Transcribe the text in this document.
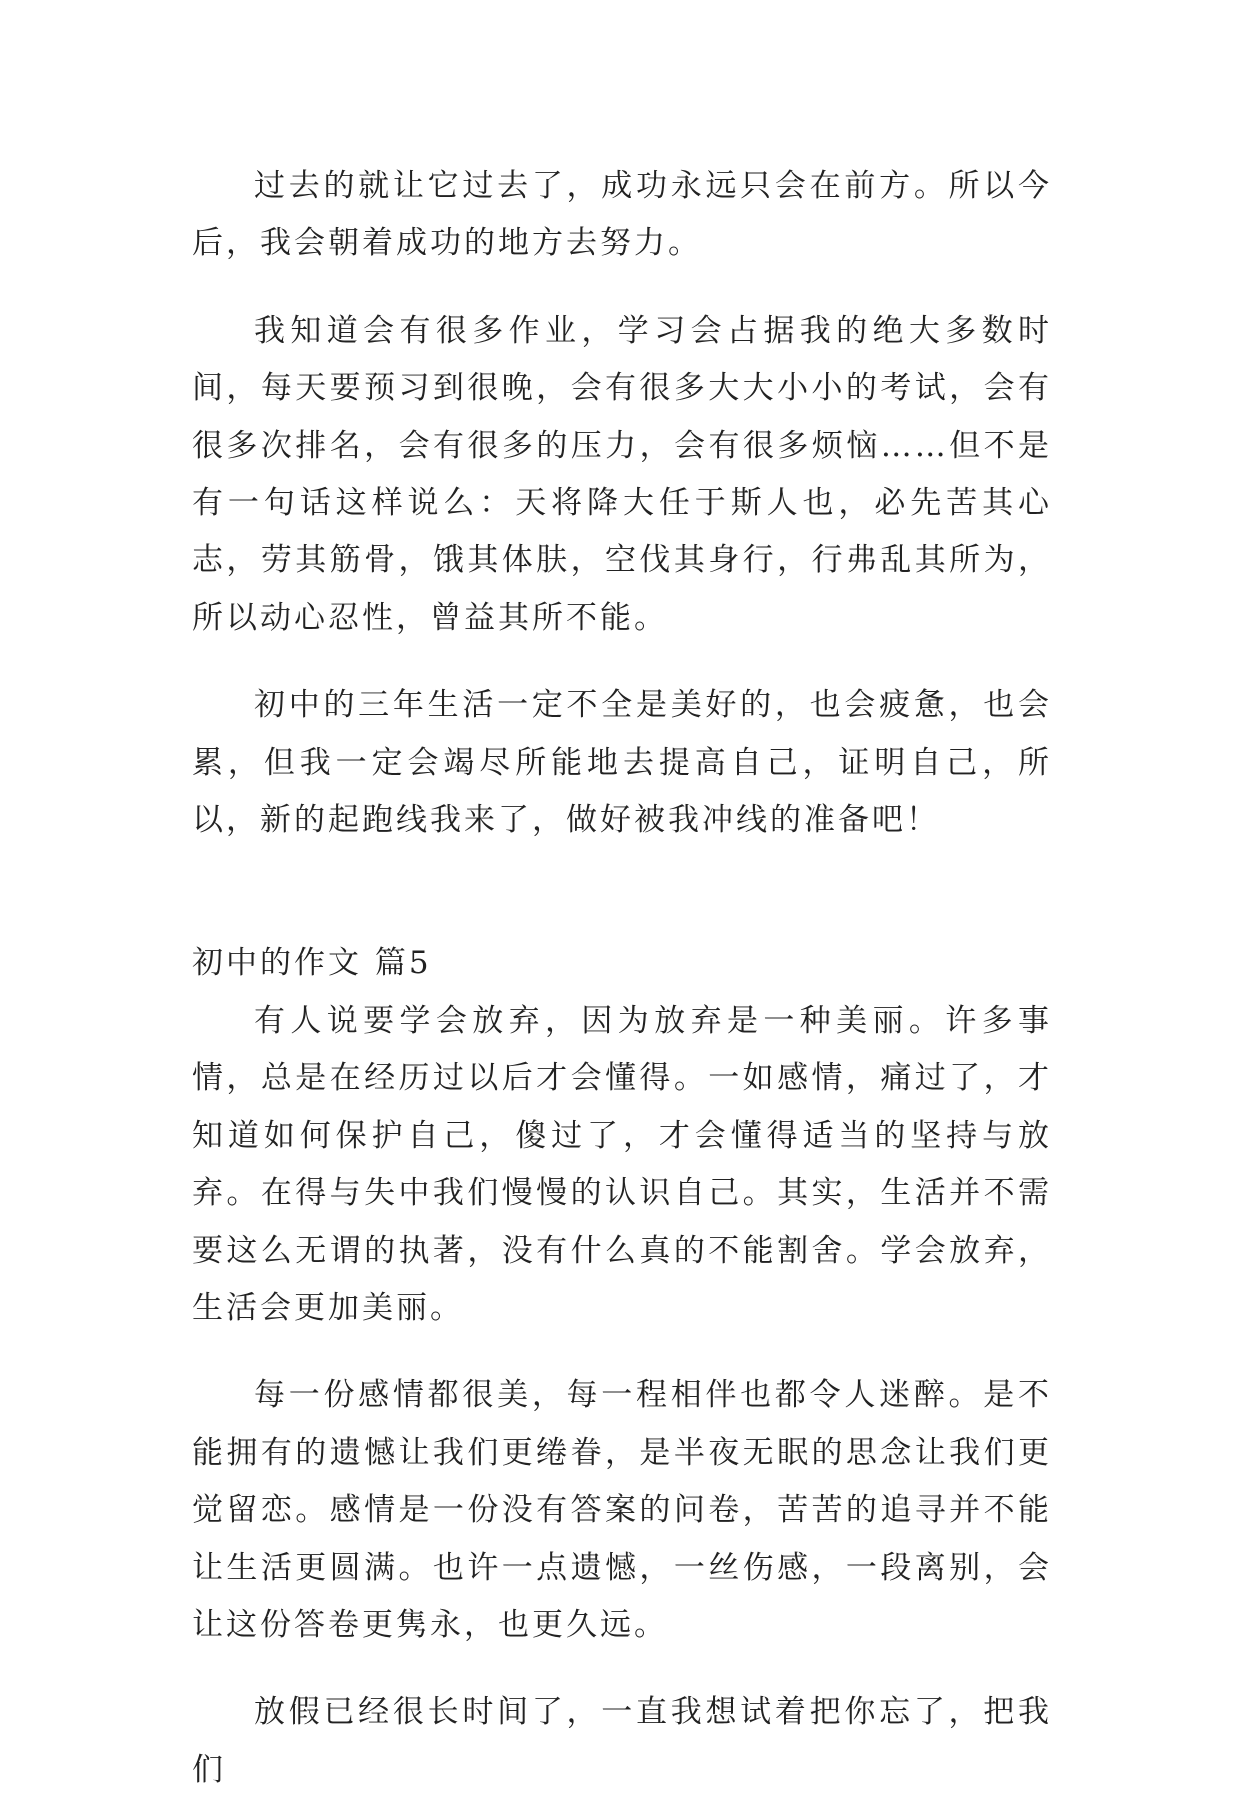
过去的就让它过去了，成功永远只会在前方。所以今后，我会朝着成功的地方去努力。

我知道会有很多作业，学习会占据我的绝大多数时间，每天要预习到很晚，会有很多大大小小的考试，会有很多次排名，会有很多的压力，会有很多烦恼……但不是有一句话这样说么：天将降大任于斯人也，必先苦其心志，劳其筋骨，饿其体肤，空伐其身行，行弗乱其所为，所以动心忍性，曾益其所不能。

初中的三年生活一定不全是美好的，也会疲惫，也会累，但我一定会竭尽所能地去提高自己，证明自己，所以，新的起跑线我来了，做好被我冲线的准备吧！

初中的作文 篇5

有人说要学会放弃，因为放弃是一种美丽。许多事情，总是在经历过以后才会懂得。一如感情，痛过了，才知道如何保护自己，傻过了，才会懂得适当的坚持与放弃。在得与失中我们慢慢的认识自己。其实，生活并不需要这么无谓的执著，没有什么真的不能割舍。学会放弃，生活会更加美丽。

每一份感情都很美，每一程相伴也都令人迷醉。是不能拥有的遗憾让我们更绻眷，是半夜无眠的思念让我们更觉留恋。感情是一份没有答案的问卷，苦苦的追寻并不能让生活更圆满。也许一点遗憾，一丝伤感，一段离别，会让这份答卷更隽永，也更久远。

放假已经很长时间了，一直我想试着把你忘了，把我们
